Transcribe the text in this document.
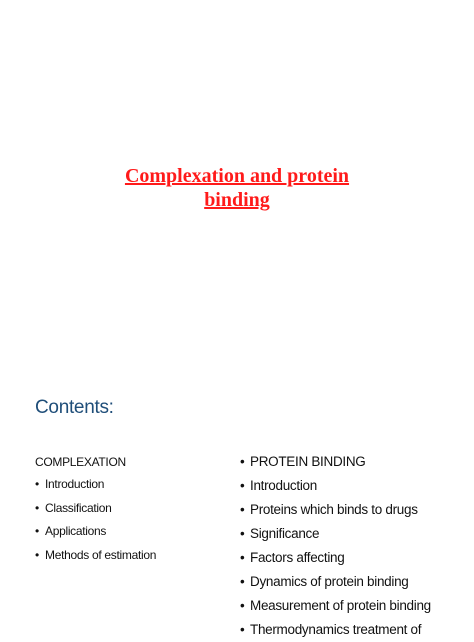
Complexation and protein
binding
Contents:
COMPLEXATION
• Introduction
• Classification
• Applications
• Methods of estimation
• PROTEIN BINDING
• Introduction
• Proteins which binds to drugs
• Significance
• Factors affecting
• Dynamics of protein binding
• Measurement of protein binding
• Thermodynamics treatment of
